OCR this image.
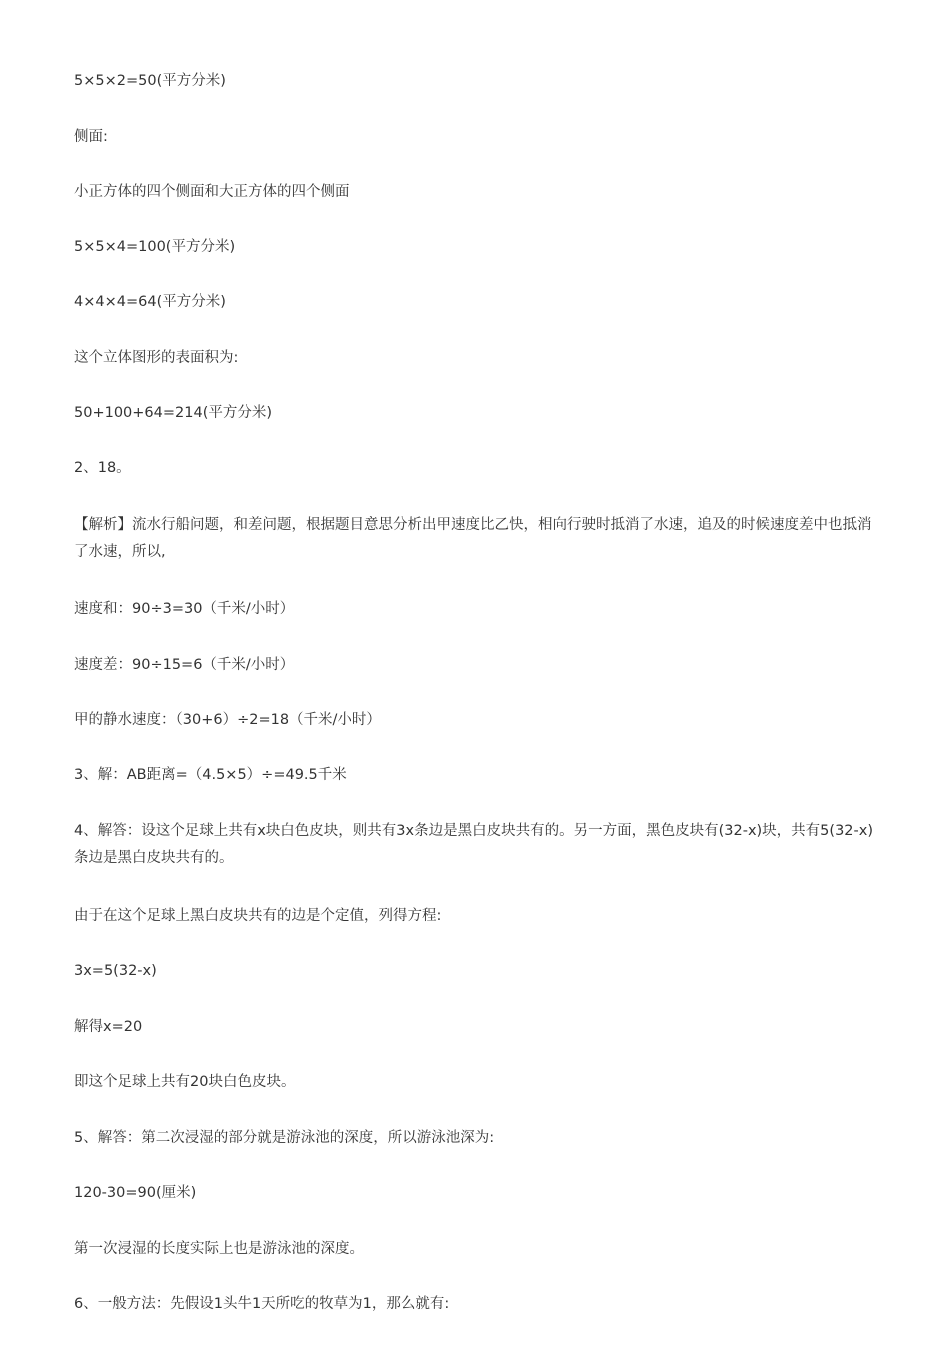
5×5×2=50(平方分米)
侧面:
小正方体的四个侧面和大正方体的四个侧面
5×5×4=100(平方分米)
4×4×4=64(平方分米)
这个立体图形的表面积为:
50+100+64=214(平方分米)
2、18。
【解析】流水行船问题，和差问题，根据题目意思分析出甲速度比乙快，相向行驶时抵消了水速，追及的时候速度差中也抵消了水速，所以,
速度和：90÷3=30（千米/小时）
速度差：90÷15=6（千米/小时）
甲的静水速度：（30+6）÷2=18（千米/小时）
3、解：AB距离=（4.5×5）÷=49.5千米
4、解答：设这个足球上共有x块白色皮块，则共有3x条边是黑白皮块共有的。另一方面，黑色皮块有(32-x)块，共有5(32-x)条边是黑白皮块共有的。
由于在这个足球上黑白皮块共有的边是个定值，列得方程:
3x=5(32-x)
解得x=20
即这个足球上共有20块白色皮块。
5、解答：第二次浸湿的部分就是游泳池的深度，所以游泳池深为:
120-30=90(厘米)
第一次浸湿的长度实际上也是游泳池的深度。
6、一般方法：先假设1头牛1天所吃的牧草为1，那么就有:
